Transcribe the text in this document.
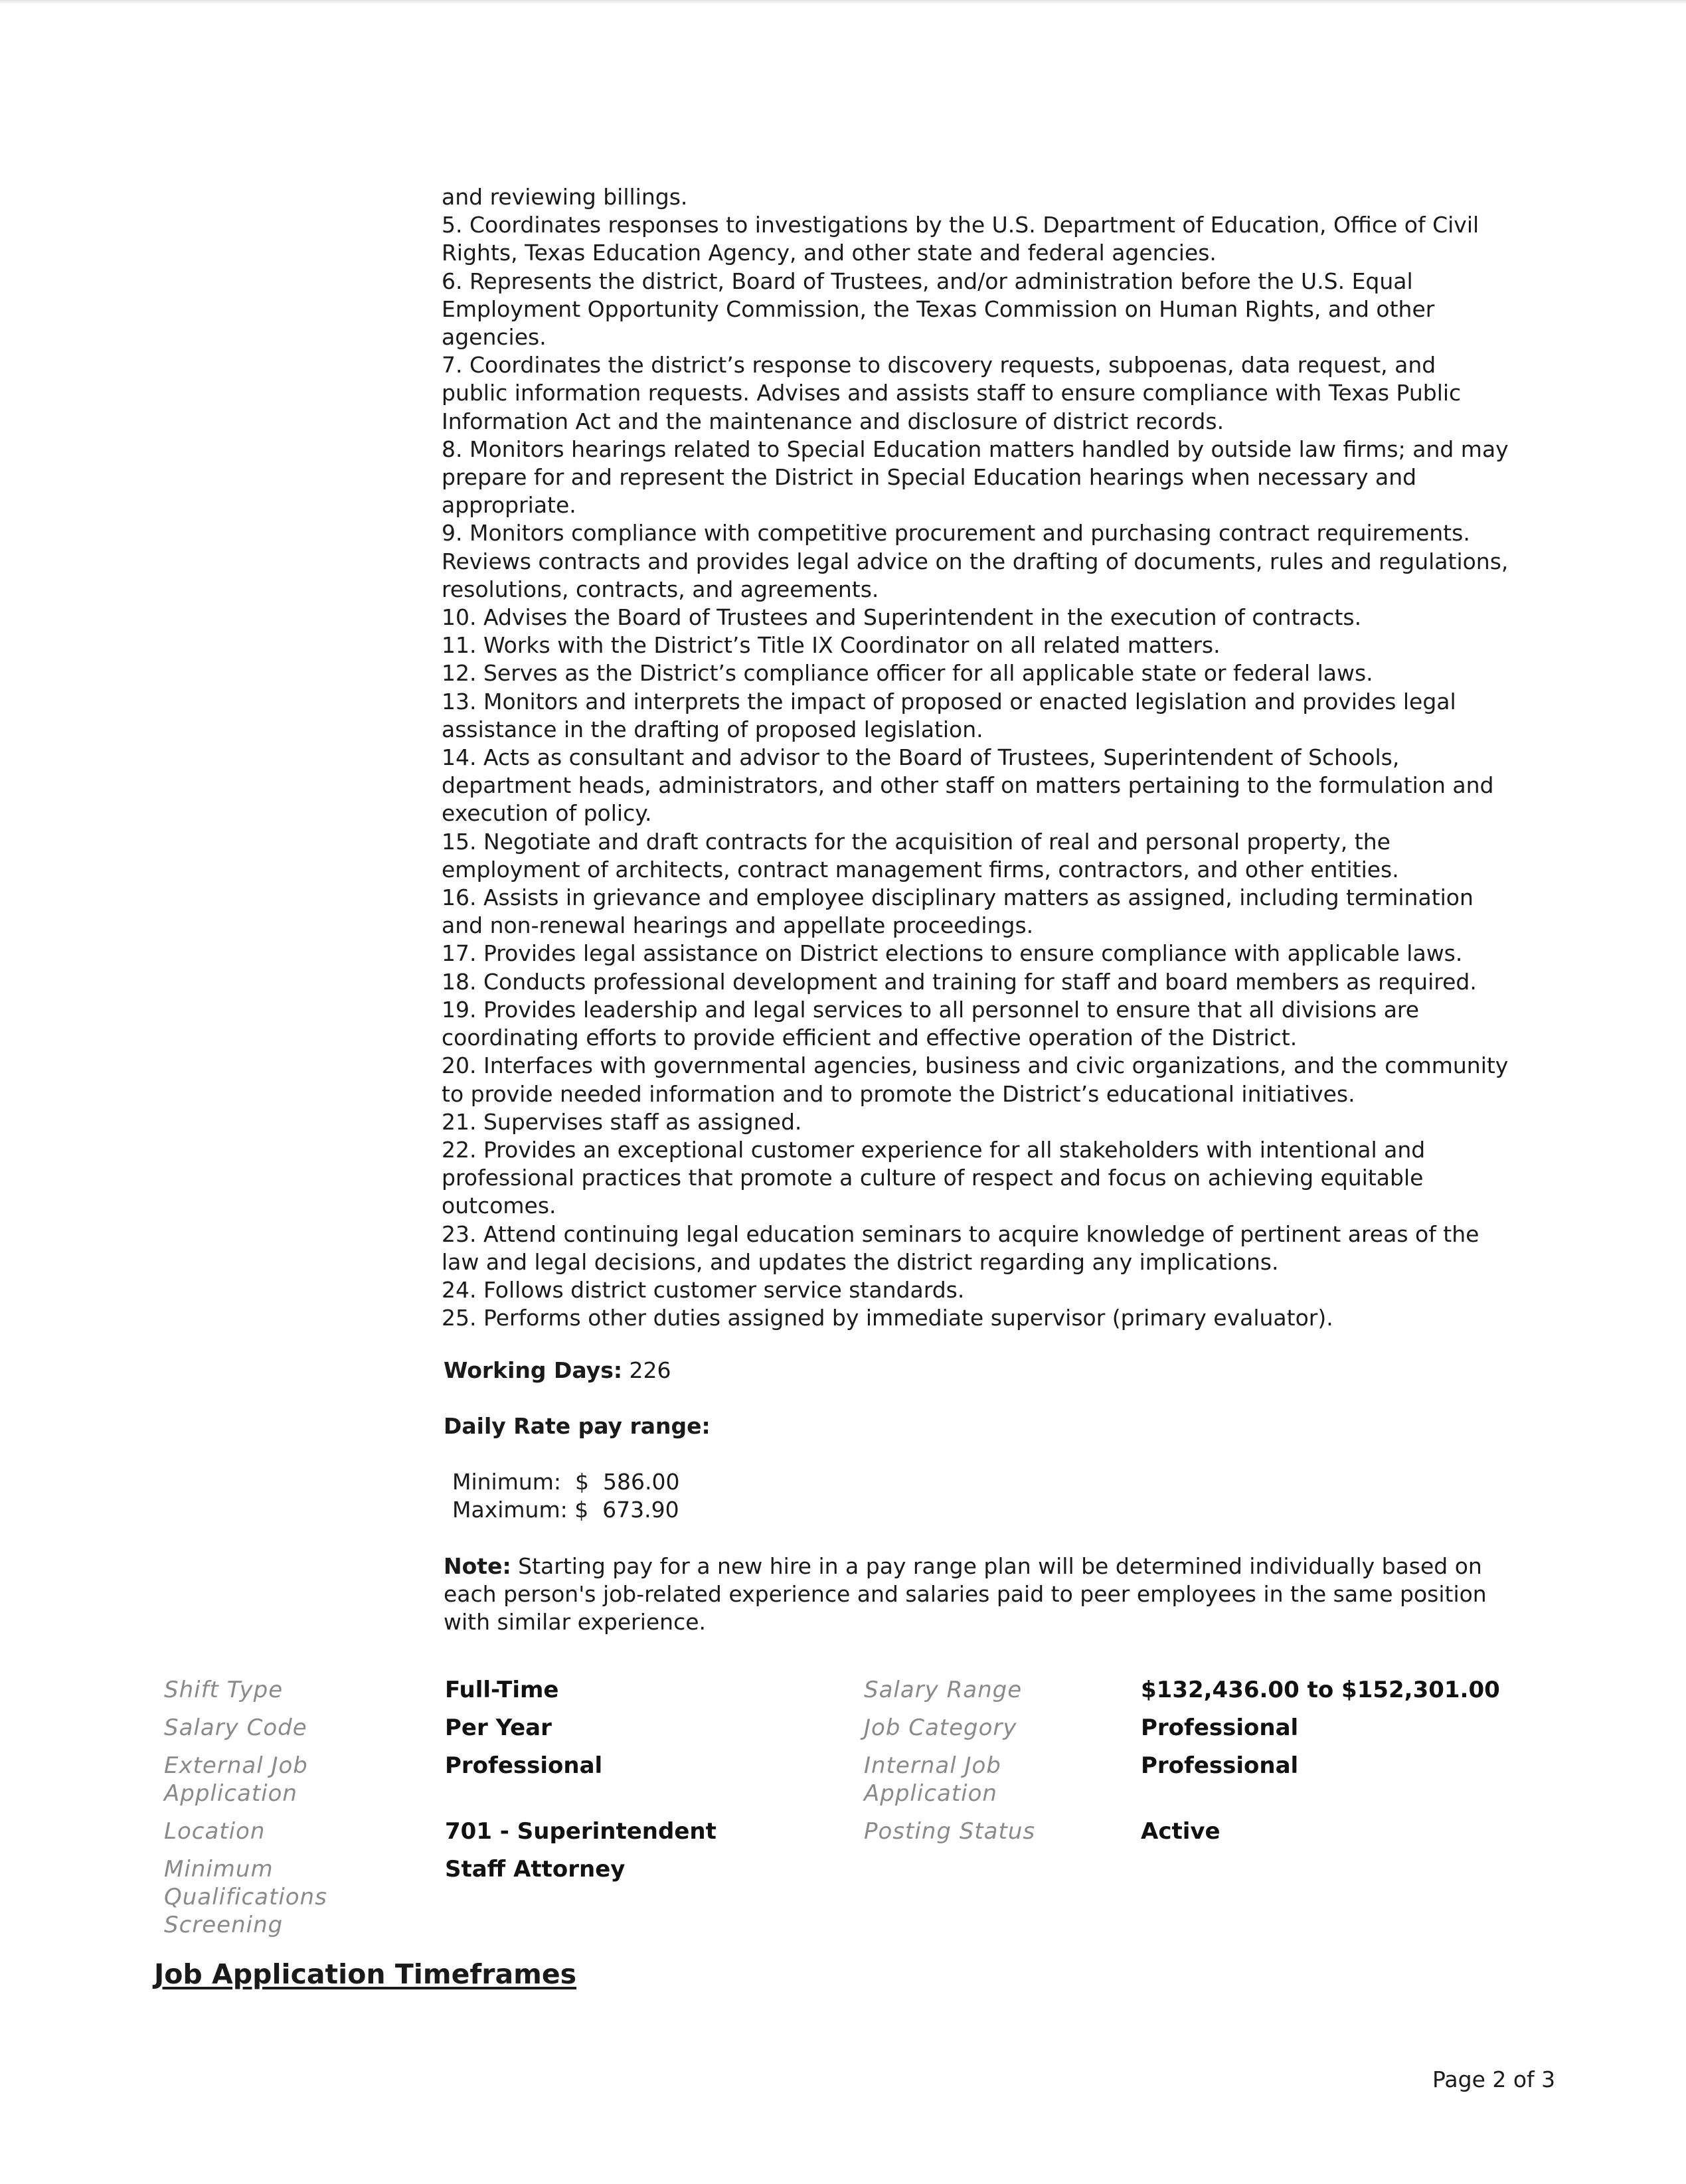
and reviewing billings.
5. Coordinates responses to investigations by the U.S. Department of Education, Office of Civil
Rights, Texas Education Agency, and other state and federal agencies.
6. Represents the district, Board of Trustees, and/or administration before the U.S. Equal
Employment Opportunity Commission, the Texas Commission on Human Rights, and other
agencies.
7. Coordinates the district’s response to discovery requests, subpoenas, data request, and
public information requests. Advises and assists staff to ensure compliance with Texas Public
Information Act and the maintenance and disclosure of district records.
8. Monitors hearings related to Special Education matters handled by outside law firms; and may
prepare for and represent the District in Special Education hearings when necessary and
appropriate.
9. Monitors compliance with competitive procurement and purchasing contract requirements.
Reviews contracts and provides legal advice on the drafting of documents, rules and regulations,
resolutions, contracts, and agreements.
10. Advises the Board of Trustees and Superintendent in the execution of contracts.
11. Works with the District’s Title IX Coordinator on all related matters.
12. Serves as the District’s compliance officer for all applicable state or federal laws.
13. Monitors and interprets the impact of proposed or enacted legislation and provides legal
assistance in the drafting of proposed legislation.
14. Acts as consultant and advisor to the Board of Trustees, Superintendent of Schools,
department heads, administrators, and other staff on matters pertaining to the formulation and
execution of policy.
15. Negotiate and draft contracts for the acquisition of real and personal property, the
employment of architects, contract management firms, contractors, and other entities.
16. Assists in grievance and employee disciplinary matters as assigned, including termination
and non-renewal hearings and appellate proceedings.
17. Provides legal assistance on District elections to ensure compliance with applicable laws.
18. Conducts professional development and training for staff and board members as required.
19. Provides leadership and legal services to all personnel to ensure that all divisions are
coordinating efforts to provide efficient and effective operation of the District.
20. Interfaces with governmental agencies, business and civic organizations, and the community
to provide needed information and to promote the District’s educational initiatives.
21. Supervises staff as assigned.
22. Provides an exceptional customer experience for all stakeholders with intentional and
professional practices that promote a culture of respect and focus on achieving equitable
outcomes.
23. Attend continuing legal education seminars to acquire knowledge of pertinent areas of the
law and legal decisions, and updates the district regarding any implications.
24. Follows district customer service standards.
25. Performs other duties assigned by immediate supervisor (primary evaluator).
Working Days: 226
Daily Rate pay range:
Minimum:  $  586.00
Maximum: $  673.90
Note: Starting pay for a new hire in a pay range plan will be determined individually based on
each person's job-related experience and salaries paid to peer employees in the same position
with similar experience.
Shift Type
Salary Code
External Job
Application
Location
Minimum
Qualifications
Screening
Full-Time
Per Year
Professional
701 - Superintendent
Staff Attorney
Salary Range
Job Category
Internal Job
Application
Posting Status
$132,436.00 to $152,301.00
Professional
Professional
Active
Job Application Timeframes
Page 2 of 3
